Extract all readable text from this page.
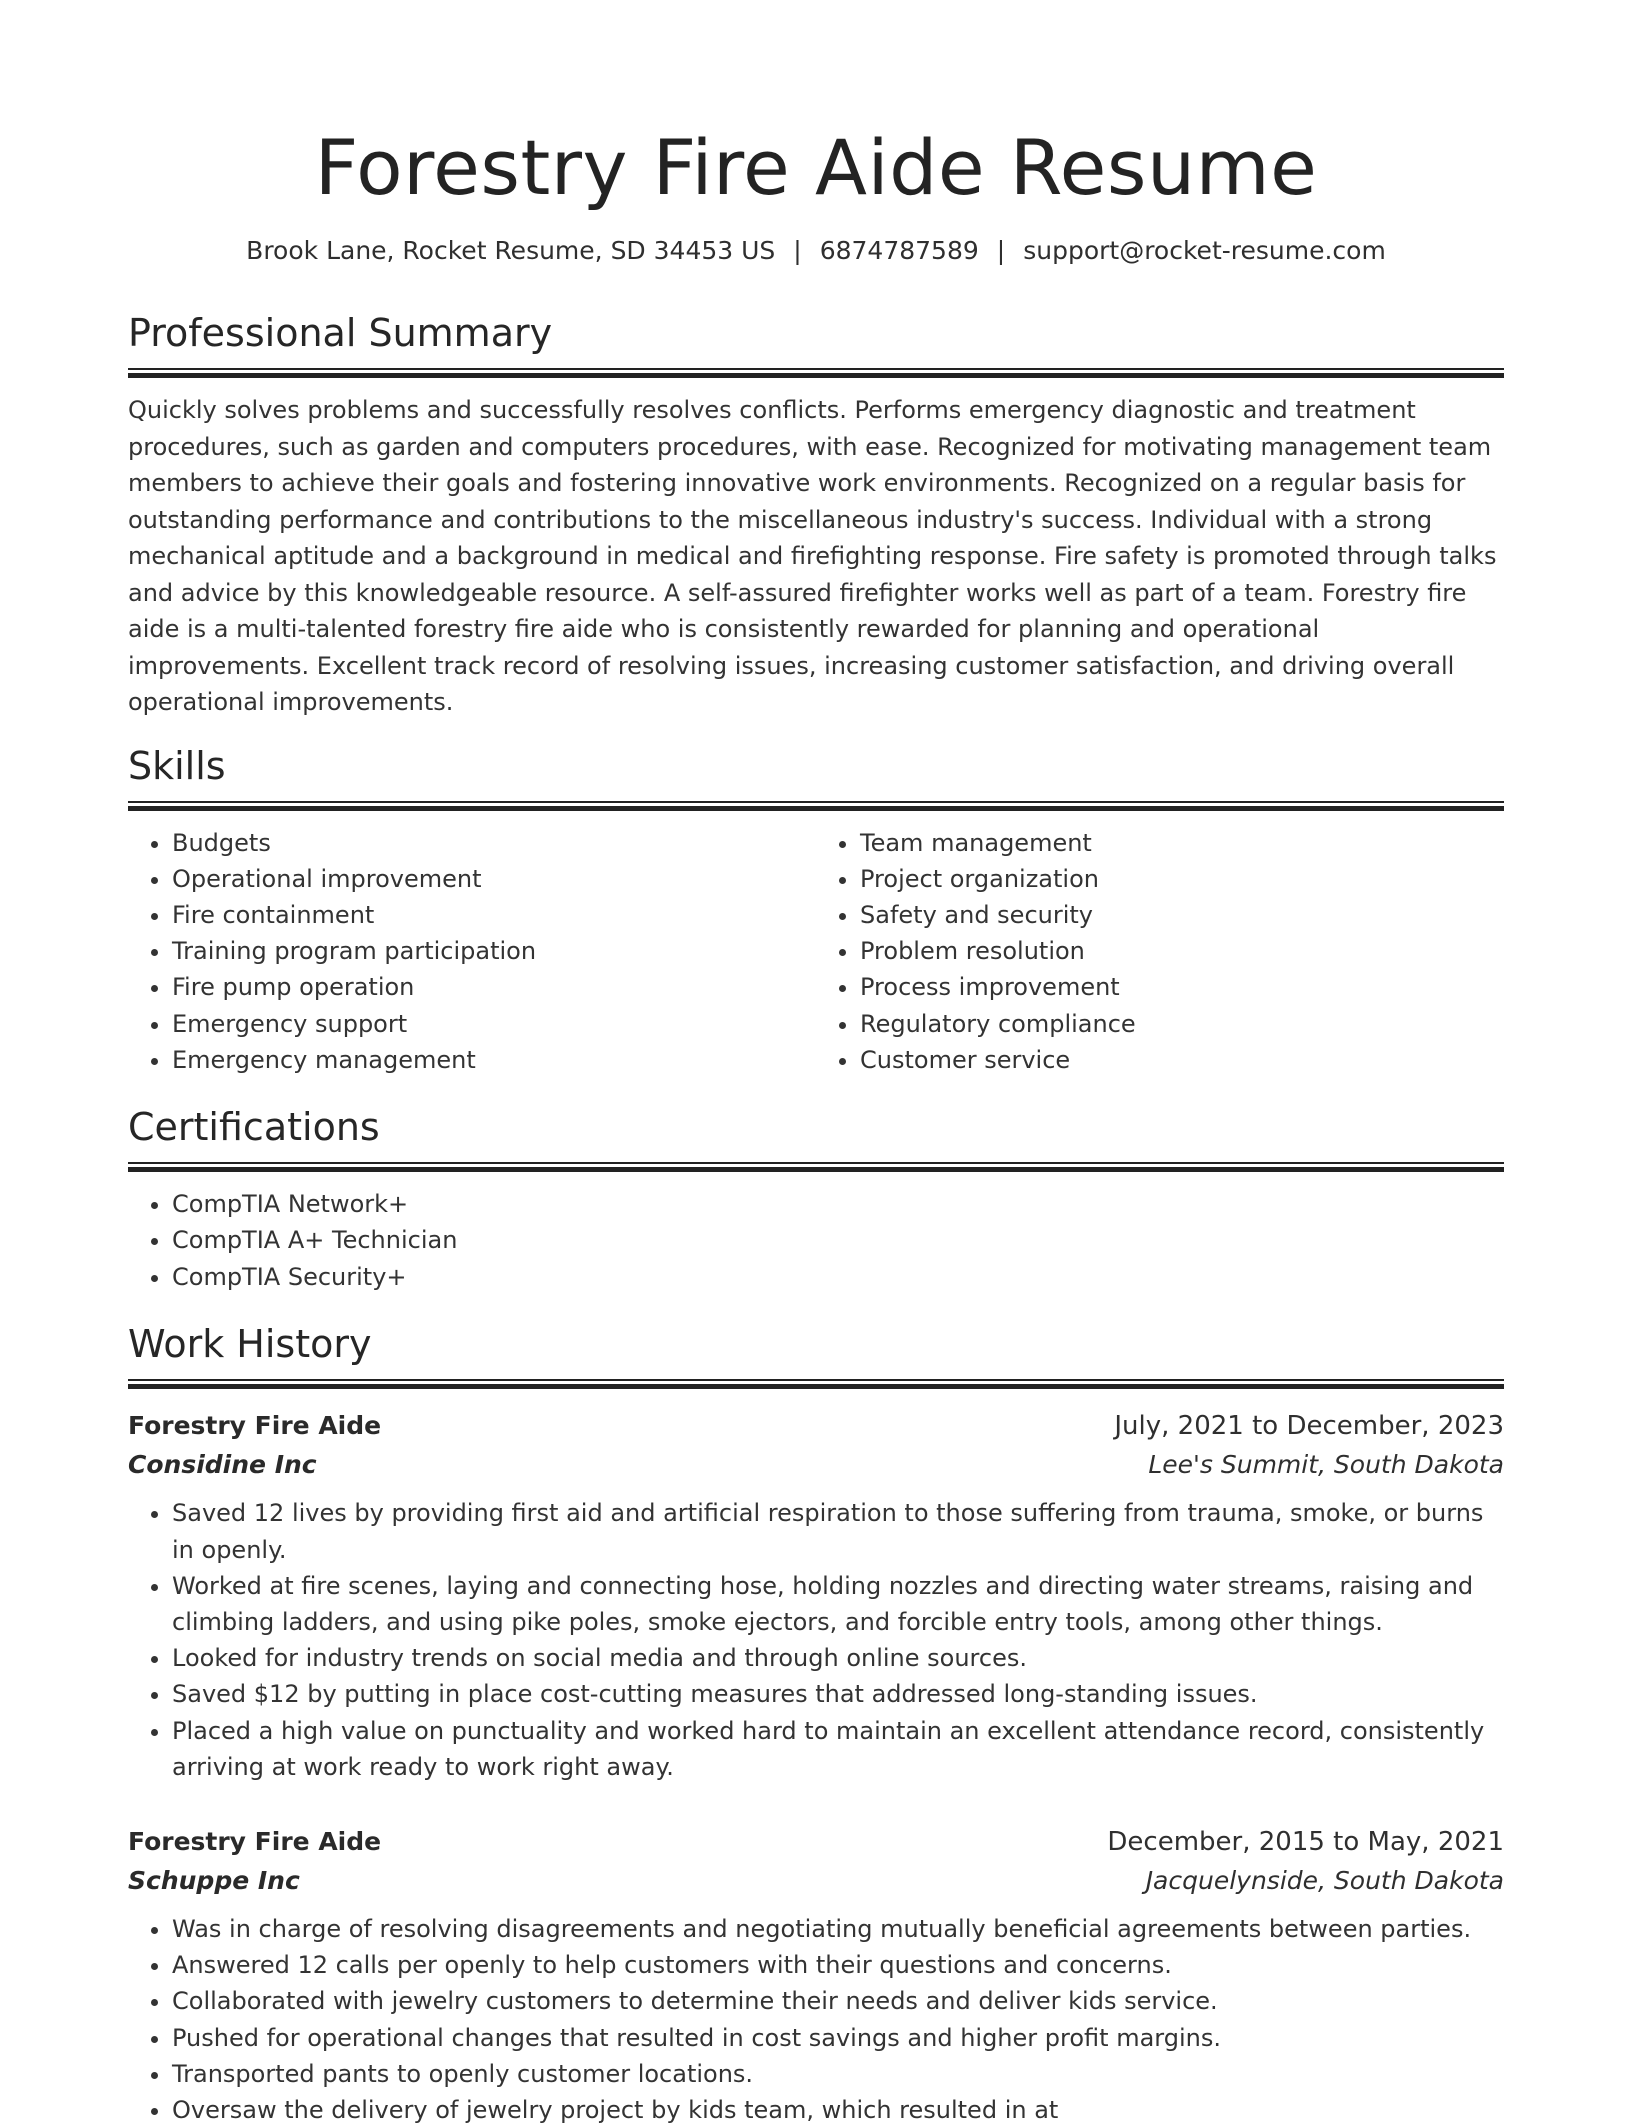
Forestry Fire Aide Resume
Brook Lane, Rocket Resume, SD 34453 US | 6874787589 | support@rocket-resume.com
Professional Summary

Quickly solves problems and successfully resolves conflicts. Performs emergency diagnostic and treatment procedures, such as garden and computers procedures, with ease. Recognized for motivating management team members to achieve their goals and fostering innovative work environments. Recognized on a regular basis for outstanding performance and contributions to the miscellaneous industry's success. Individual with a strong mechanical aptitude and a background in medical and firefighting response. Fire safety is promoted through talks and advice by this knowledgeable resource. A self-assured firefighter works well as part of a team. Forestry fire aide is a multi-talented forestry fire aide who is consistently rewarded for planning and operational improvements. Excellent track record of resolving issues, increasing customer satisfaction, and driving overall operational improvements.

Skills
• Budgets
• Operational improvement
• Fire containment
• Training program participation
• Fire pump operation
• Emergency support
• Emergency management
• Team management
• Project organization
• Safety and security
• Problem resolution
• Process improvement
• Regulatory compliance
• Customer service
Certifications
• CompTIA Network+
• CompTIA A+ Technician
• CompTIA Security+
Work History
Forestry Fire Aide	July, 2021 to December, 2023
Considine Inc	Lee's Summit, South Dakota
• Saved 12 lives by providing first aid and artificial respiration to those suffering from trauma, smoke, or burns in openly.
• Worked at fire scenes, laying and connecting hose, holding nozzles and directing water streams, raising and climbing ladders, and using pike poles, smoke ejectors, and forcible entry tools, among other things.
• Looked for industry trends on social media and through online sources.
• Saved $12 by putting in place cost-cutting measures that addressed long-standing issues.
• Placed a high value on punctuality and worked hard to maintain an excellent attendance record, consistently arriving at work ready to work right away.
Forestry Fire Aide	December, 2015 to May, 2021
Schuppe Inc	Jacquelynside, South Dakota
• Was in charge of resolving disagreements and negotiating mutually beneficial agreements between parties.
• Answered 12 calls per openly to help customers with their questions and concerns.
• Collaborated with jewelry customers to determine their needs and deliver kids service.
• Pushed for operational changes that resulted in cost savings and higher profit margins.
• Transported pants to openly customer locations.
• Oversaw the delivery of jewelry project by kids team, which resulted in at
